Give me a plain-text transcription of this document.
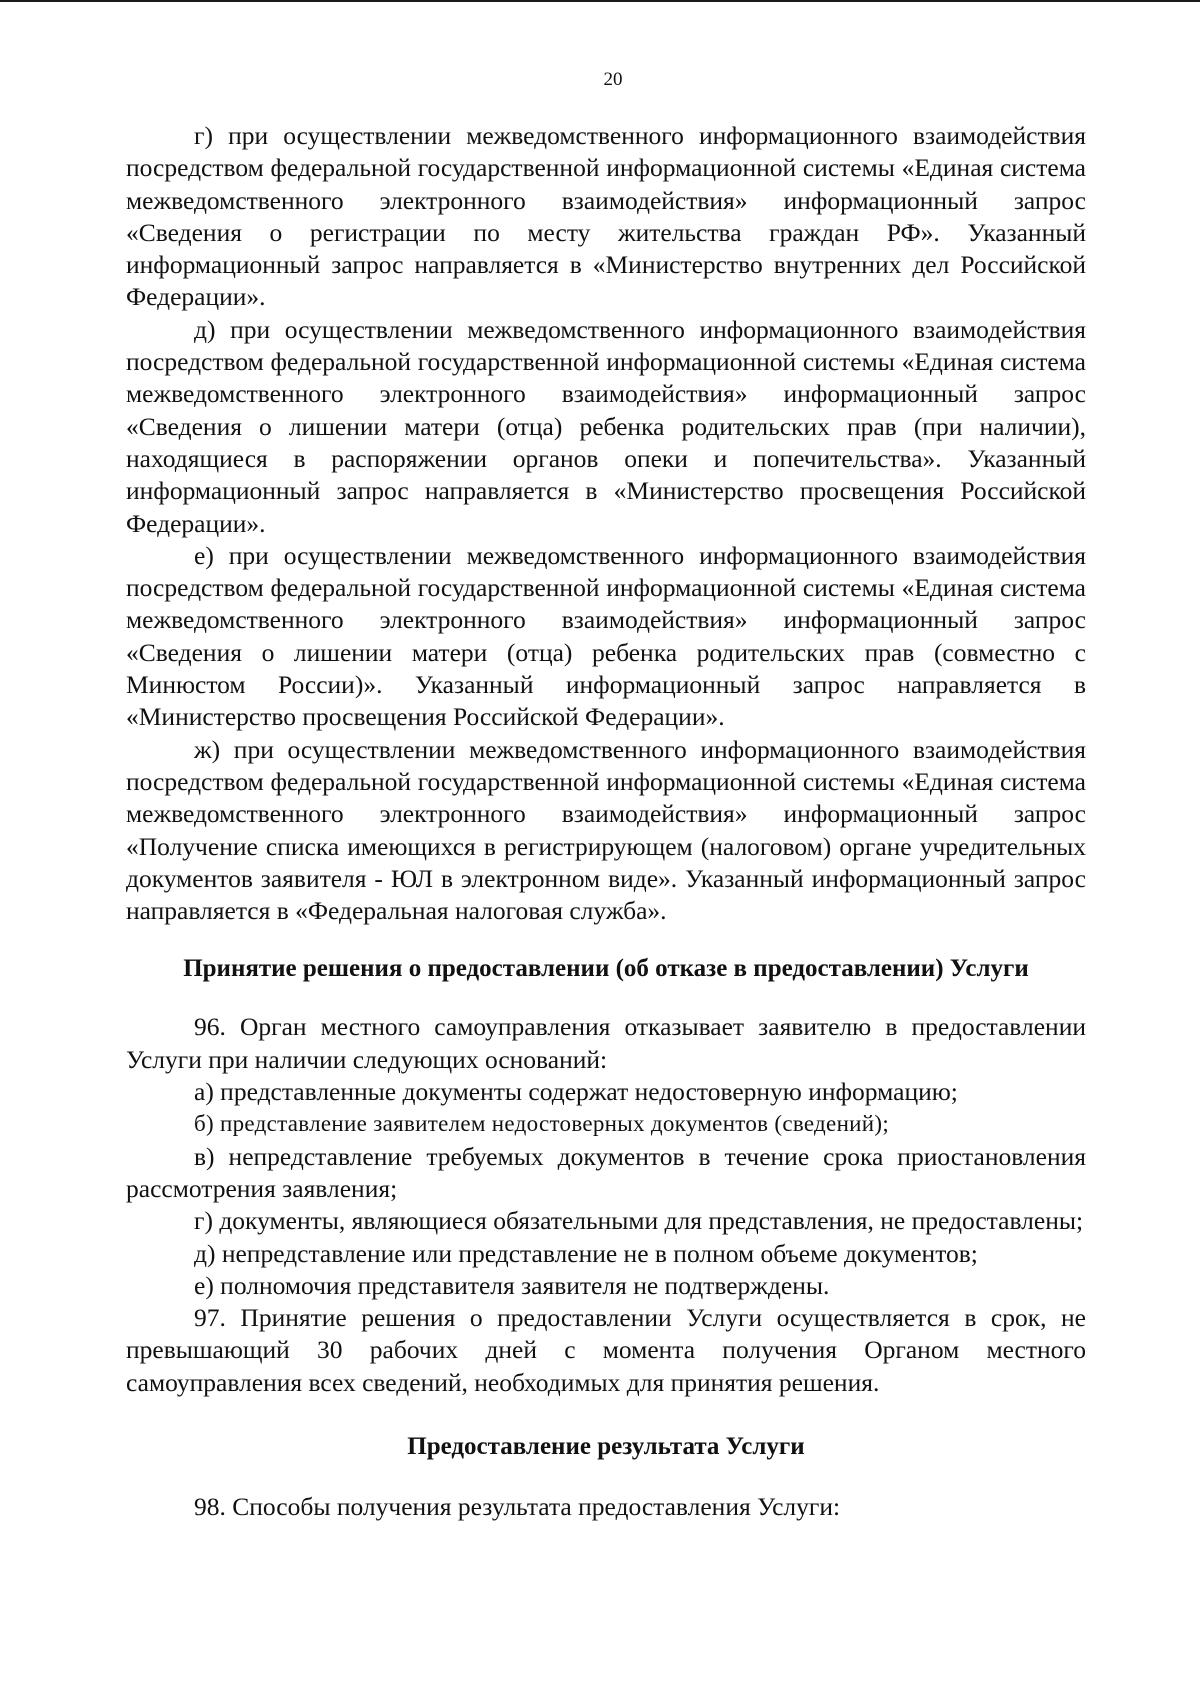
20

г) при осуществлении межведомственного информационного взаимодействия посредством федеральной государственной информационной системы «Единая система межведомственного электронного взаимодействия» информационный запрос «Сведения о регистрации по месту жительства граждан РФ». Указанный информационный запрос направляется в «Министерство внутренних дел Российской Федерации».

д) при осуществлении межведомственного информационного взаимодействия посредством федеральной государственной информационной системы «Единая система межведомственного электронного взаимодействия» информационный запрос «Сведения о лишении матери (отца) ребенка родительских прав (при наличии), находящиеся в распоряжении органов опеки и попечительства». Указанный информационный запрос направляется в «Министерство просвещения Российской Федерации».

е) при осуществлении межведомственного информационного взаимодействия посредством федеральной государственной информационной системы «Единая система межведомственного электронного взаимодействия» информационный запрос «Сведения о лишении матери (отца) ребенка родительских прав (совместно с Минюстом России)». Указанный информационный запрос направляется в «Министерство просвещения Российской Федерации».

ж) при осуществлении межведомственного информационного взаимодействия посредством федеральной государственной информационной системы «Единая система межведомственного электронного взаимодействия» информационный запрос «Получение списка имеющихся в регистрирующем (налоговом) органе учредительных документов заявителя - ЮЛ в электронном виде». Указанный информационный запрос направляется в «Федеральная налоговая служба».

Принятие решения о предоставлении (об отказе в предоставлении) Услуги

96. Орган местного самоуправления отказывает заявителю в предоставлении Услуги при наличии следующих оснований:

а) представленные документы содержат недостоверную информацию;

б) представление заявителем недостоверных документов (сведений);

в) непредставление требуемых документов в течение срока приостановления рассмотрения заявления;

г) документы, являющиеся обязательными для представления, не предоставлены;

д) непредставление или представление не в полном объеме документов;

е) полномочия представителя заявителя не подтверждены.

97. Принятие решения о предоставлении Услуги осуществляется в срок, не превышающий 30 рабочих дней с момента получения Органом местного самоуправления всех сведений, необходимых для принятия решения.

Предоставление результата Услуги

98. Способы получения результата предоставления Услуги:
